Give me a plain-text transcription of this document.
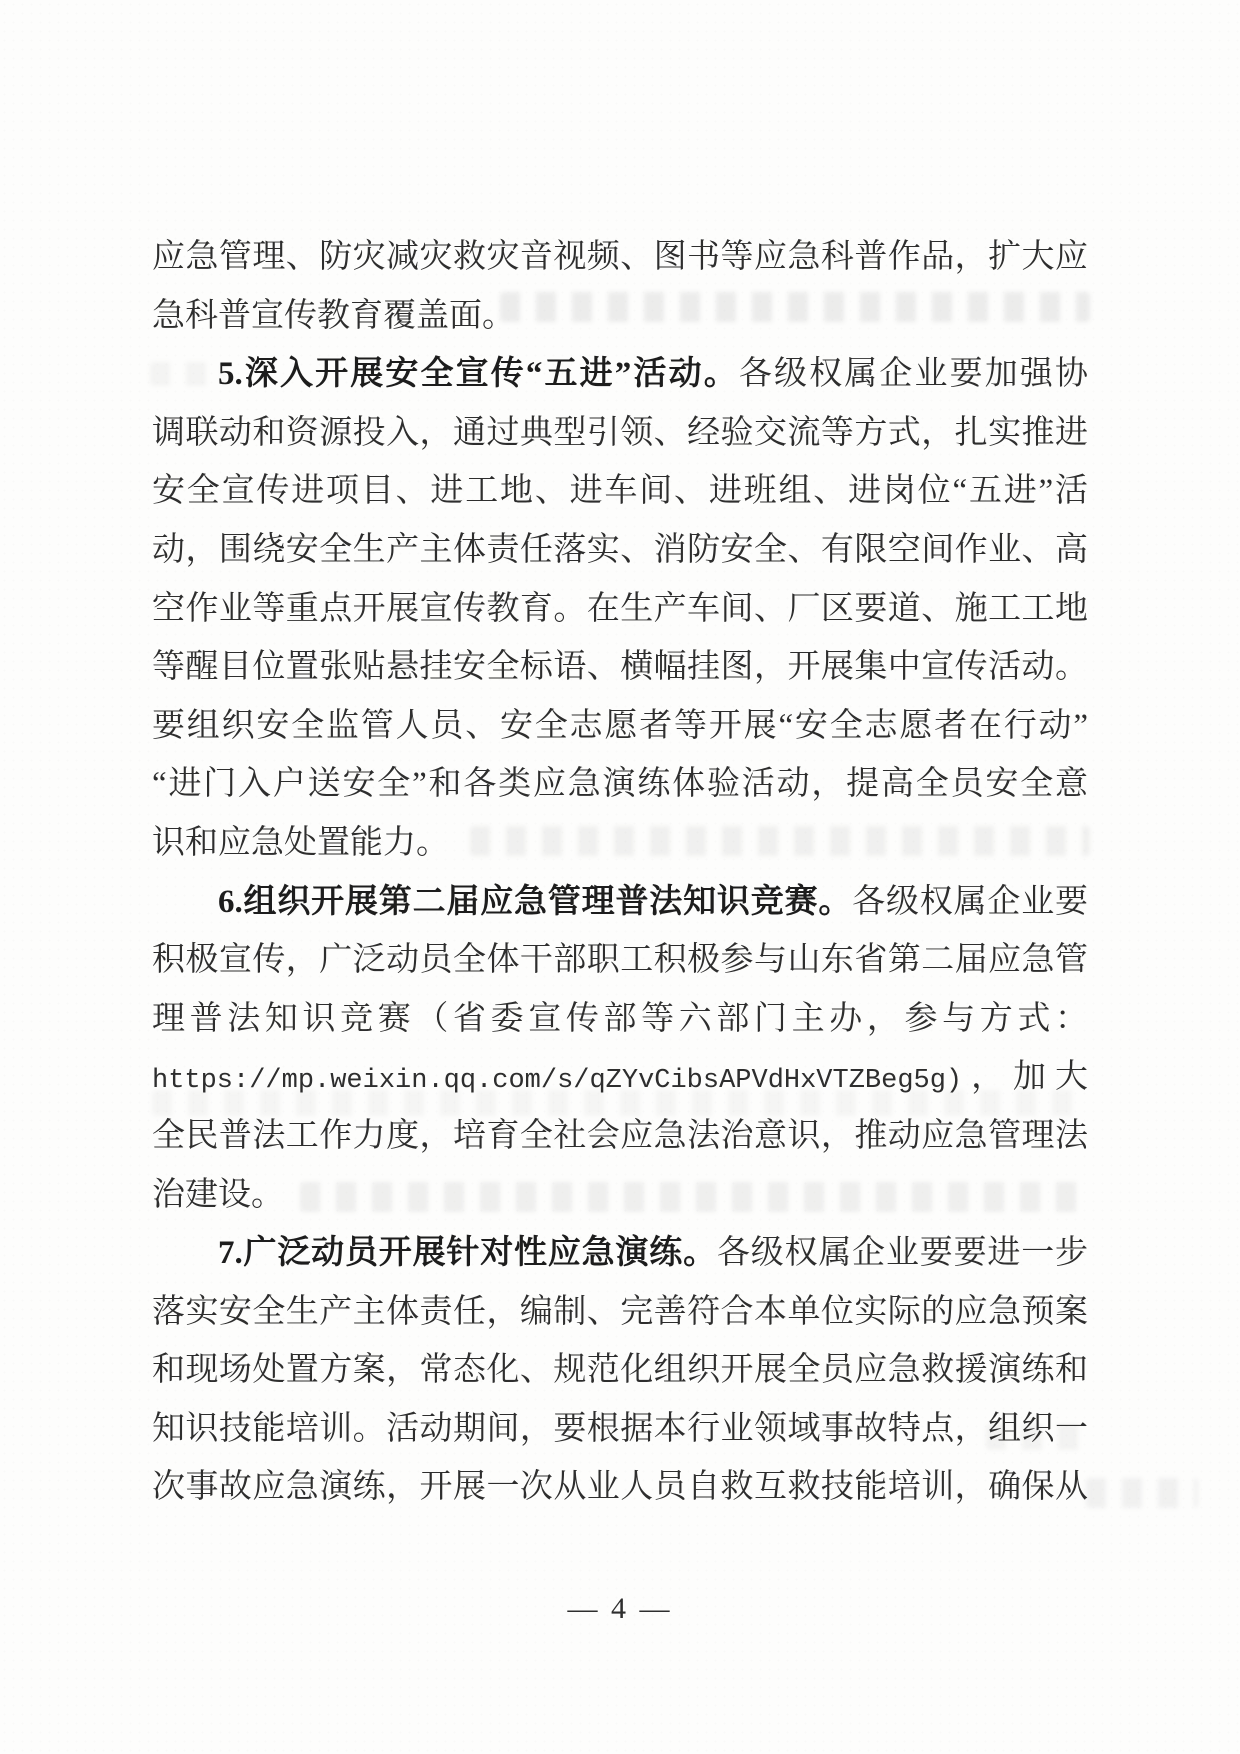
应急管理、防灾减灾救灾音视频、图书等应急科普作品，扩大应

急科普宣传教育覆盖面。

5.深入开展安全宣传“五进”活动。各级权属企业要加强协

调联动和资源投入，通过典型引领、经验交流等方式，扎实推进

安全宣传进项目、进工地、进车间、进班组、进岗位“五进”活

动，围绕安全生产主体责任落实、消防安全、有限空间作业、高

空作业等重点开展宣传教育。在生产车间、厂区要道、施工工地

等醒目位置张贴悬挂安全标语、横幅挂图，开展集中宣传活动。

要组织安全监管人员、安全志愿者等开展“安全志愿者在行动”

“进门入户送安全”和各类应急演练体验活动，提高全员安全意

识和应急处置能力。

6.组织开展第二届应急管理普法知识竞赛。各级权属企业要

积极宣传，广泛动员全体干部职工积极参与山东省第二届应急管

理普法知识竞赛（省委宣传部等六部门主办，参与方式：

https://mp.weixin.qq.com/s/qZYvCibsAPVdHxVTZBeg5g)，加大

全民普法工作力度，培育全社会应急法治意识，推动应急管理法

治建设。

7.广泛动员开展针对性应急演练。各级权属企业要要进一步

落实安全生产主体责任，编制、完善符合本单位实际的应急预案

和现场处置方案，常态化、规范化组织开展全员应急救援演练和

知识技能培训。活动期间，要根据本行业领域事故特点，组织一

次事故应急演练，开展一次从业人员自救互救技能培训，确保从

— 4 —
